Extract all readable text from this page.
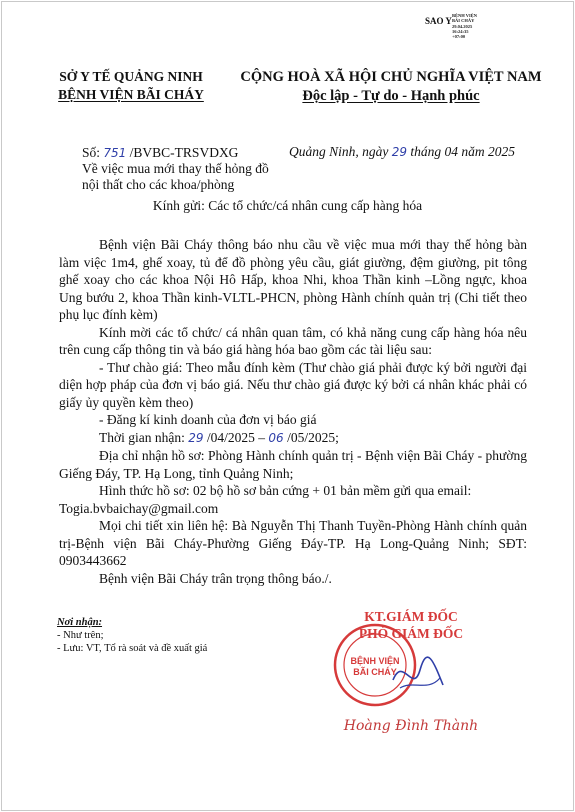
SAO Y
BỆNH VIỆN
BÃI CHÁY
29.04.2025
16:24:35
+07:00
SỞ Y TẾ QUẢNG NINH
BỆNH VIỆN BÃI CHÁY
CỘNG HOÀ XÃ HỘI CHỦ NGHĨA VIỆT NAM
Độc lập - Tự do - Hạnh phúc
Số: 751 /BVBC-TRSVDXG
Về việc mua mới thay thế hỏng đồ nội thất cho các khoa/phòng
Quảng Ninh, ngày 29 tháng 04 năm 2025
Kính gửi: Các tổ chức/cá nhân cung cấp hàng hóa

Bệnh viện Bãi Cháy thông báo nhu cầu về việc mua mới thay thế hỏng bàn làm việc 1m4, ghế xoay, tủ để đồ phòng yêu cầu, giát giường, đệm giường, pit tông ghế xoay cho các khoa Nội Hô Hấp, khoa Nhi, khoa Thần kinh –Lồng ngực, khoa Ung bướu 2, khoa Thần kinh-VLTL-PHCN, phòng Hành chính quản trị (Chi tiết theo phụ lục đính kèm)

Kính mời các tổ chức/ cá nhân quan tâm, có khả năng cung cấp hàng hóa nêu trên cung cấp thông tin và báo giá hàng hóa bao gồm các tài liệu sau:

- Thư chào giá: Theo mẫu đính kèm (Thư chào giá phải được ký bởi người đại diện hợp pháp của đơn vị báo giá. Nếu thư chào giá được ký bởi cá nhân khác phải có giấy ủy quyền kèm theo)

- Đăng kí kinh doanh của đơn vị báo giá

Thời gian nhận: 29 /04/2025 – 06 /05/2025;

Địa chỉ nhận hồ sơ: Phòng Hành chính quản trị - Bệnh viện Bãi Cháy - phường Giếng Đáy, TP. Hạ Long, tỉnh Quảng Ninh;

Hình thức hồ sơ: 02 bộ hồ sơ bản cứng + 01 bản mềm gửi qua email:

Togia.bvbaichay@gmail.com

Mọi chi tiết xin liên hệ: Bà Nguyễn Thị Thanh Tuyền-Phòng Hành chính quản trị-Bệnh viện Bãi Cháy-Phường Giếng Đáy-TP. Hạ Long-Quảng Ninh; SĐT: 0903443662

Bệnh viện Bãi Cháy trân trọng thông báo./.

Nơi nhận:
- Như trên;
- Lưu: VT, Tổ rà soát và đề xuất giá
BỆNH VIỆN
BÃI CHÁY
KT.GIÁM ĐỐC
PHÓ GIÁM ĐỐC
Hoàng Đình Thành
